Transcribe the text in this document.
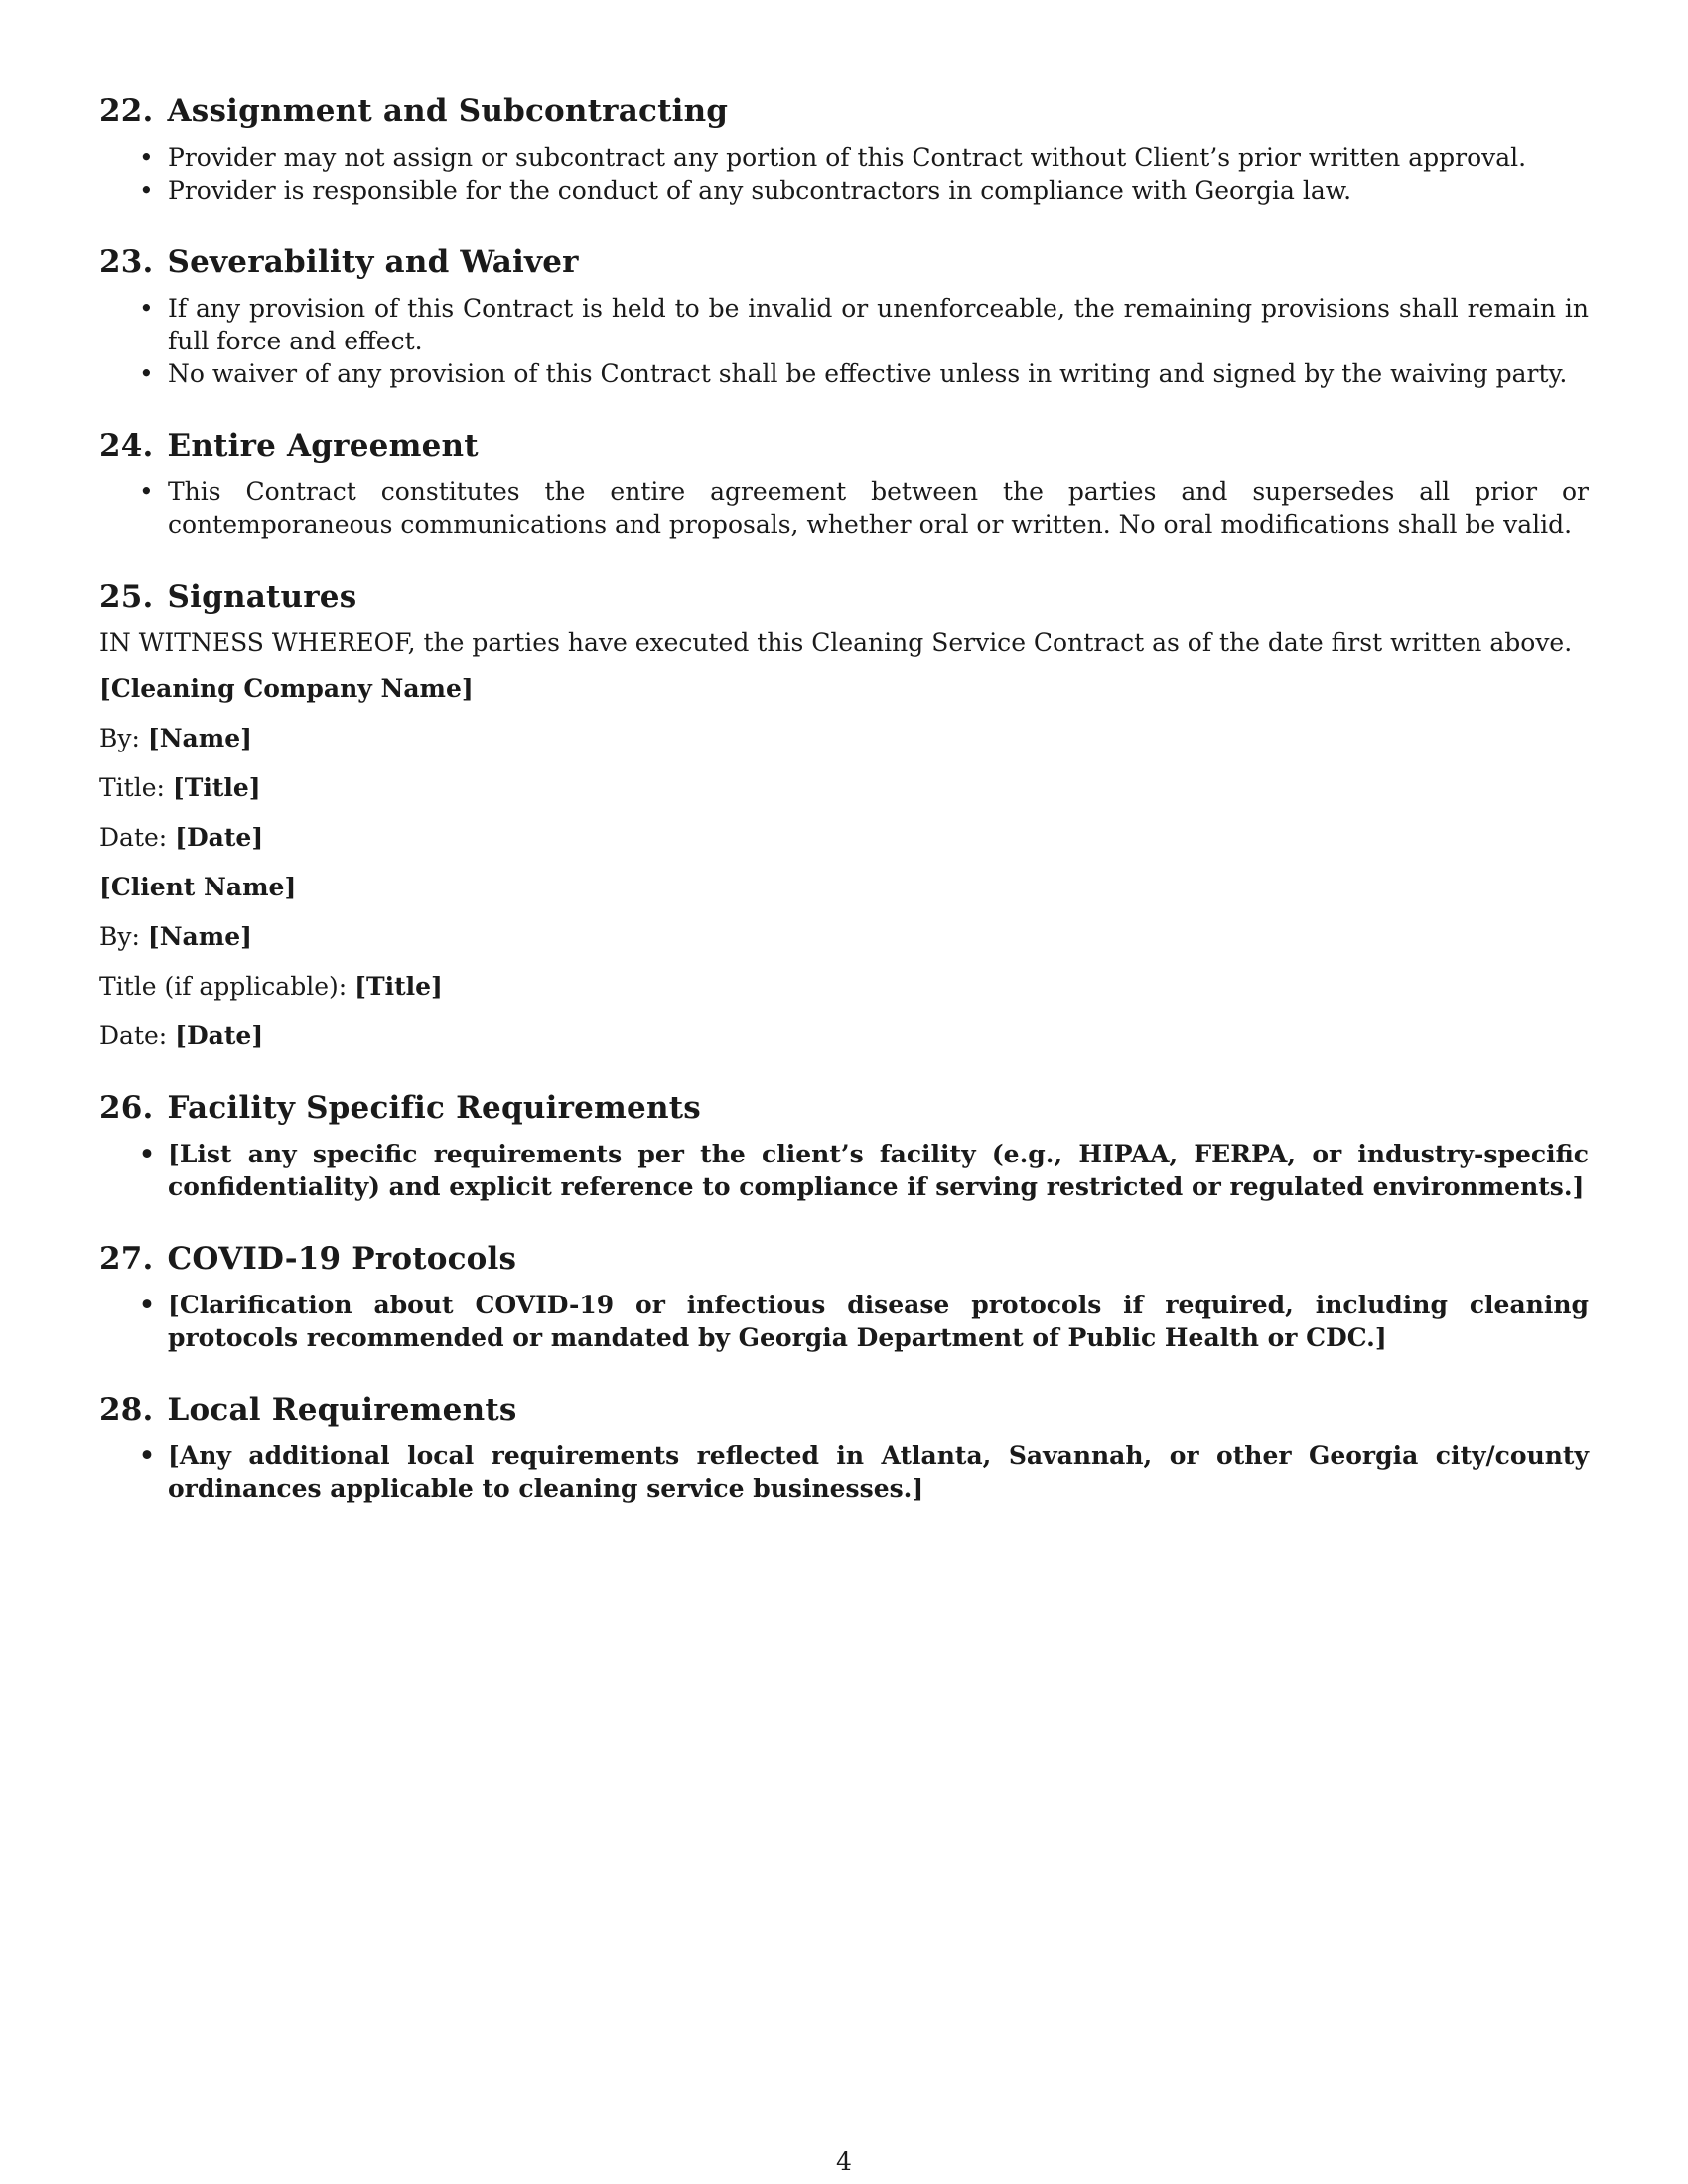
22. Assignment and Subcontracting
• Provider may not assign or subcontract any portion of this Contract without Client’s prior written approval.
• Provider is responsible for the conduct of any subcontractors in compliance with Georgia law.
23. Severability and Waiver
• If any provision of this Contract is held to be invalid or unenforceable, the remaining provisions shall remain in full force and effect.
• No waiver of any provision of this Contract shall be effective unless in writing and signed by the waiving party.
24. Entire Agreement
• This Contract constitutes the entire agreement between the parties and supersedes all prior or contemporaneous communications and proposals, whether oral or written. No oral modifications shall be valid.
25. Signatures

IN WITNESS WHEREOF, the parties have executed this Cleaning Service Contract as of the date first written above.

[Cleaning Company Name]

By: [Name]

Title: [Title]

Date: [Date]

[Client Name]

By: [Name]

Title (if applicable): [Title]

Date: [Date]

26. Facility Specific Requirements
• [List any specific requirements per the client’s facility (e.g., HIPAA, FERPA, or industry-specific confidentiality) and explicit reference to compliance if serving restricted or regulated environments.]
27. COVID-19 Protocols
• [Clarification about COVID-19 or infectious disease protocols if required, including cleaning protocols recommended or mandated by Georgia Department of Public Health or CDC.]
28. Local Requirements
• [Any additional local requirements reflected in Atlanta, Savannah, or other Georgia city/county ordinances applicable to cleaning service businesses.]
4
